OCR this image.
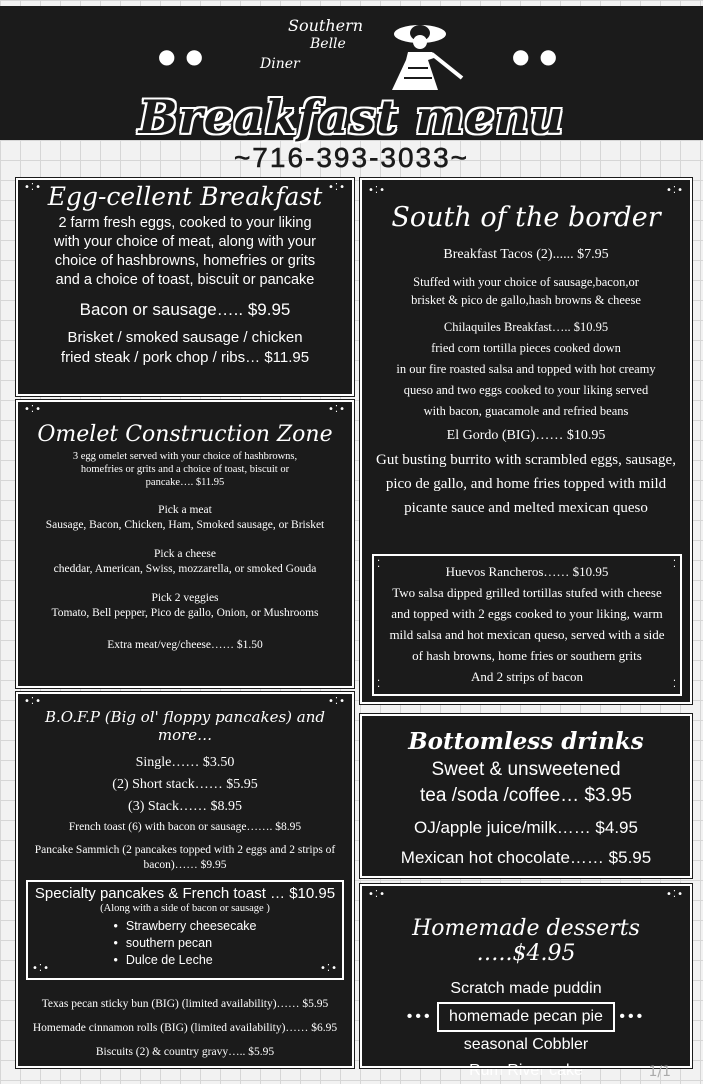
●●	●●
Southern
Belle
Diner
Breakfast menu
~716-393-3033~
•⁚•	•⁚•
Egg-cellent Breakfast
2 farm fresh eggs, cooked to your liking
with your choice of meat, along with your
choice of hashbrowns, homefries or grits
and a choice of toast, biscuit or pancake
Bacon or sausage….. $9.95
Brisket / smoked sausage / chicken
fried steak / pork chop / ribs… $11.95
•⁚•	•⁚•
Omelet Construction Zone
3 egg omelet served with your choice of hashbrowns,
homefries or grits and a choice of toast, biscuit or
pancake…. $11.95
Pick a meat
Sausage, Bacon, Chicken, Ham, Smoked sausage, or Brisket
Pick a cheese
cheddar, American, Swiss, mozzarella, or smoked Gouda
Pick 2 veggies
Tomato, Bell pepper, Pico de gallo, Onion, or Mushrooms
Extra meat/veg/cheese…… $1.50
•⁚•	•⁚•
B.O.F.P (Big ol' floppy pancakes) and more…
Single…… $3.50
(2) Short stack…… $5.95
(3) Stack…… $8.95
French toast (6) with bacon or sausage……. $8.95
Pancake Sammich (2 pancakes topped with 2 eggs and 2 strips of
bacon)…… $9.95
•⁚•	•⁚•
Specialty pancakes & French toast … $10.95
(Along with a side of bacon or sausage )
• Strawberry cheesecake
• southern pecan
• Dulce de Leche
Texas pecan sticky bun (BIG) (limited availability)…… $5.95
Homemade cinnamon rolls (BIG) (limited availability)…… $6.95
Biscuits (2) & country gravy….. $5.95
•⁚•	•⁚•
South of the border
Breakfast Tacos (2)...... $7.95
Stuffed with your choice of sausage,bacon,or
brisket & pico de gallo,hash browns & cheese
Chilaquiles Breakfast….. $10.95
fried corn tortilla pieces cooked down
in our fire roasted salsa and topped with hot creamy
queso and two eggs cooked to your liking served
with bacon, guacamole and refried beans
El Gordo (BIG)…… $10.95
Gut busting burrito with scrambled eggs, sausage,
pico de gallo, and home fries topped with mild
picante sauce and melted mexican queso
⁚	⁚
⁚	⁚
Huevos Rancheros…… $10.95
Two salsa dipped grilled tortillas stufed with cheese
and topped with 2 eggs cooked to your liking, warm
mild salsa and hot mexican queso, served with a side
of hash browns, home fries or southern grits
And 2 strips of bacon
Bottomless drinks
Sweet & unsweetened
tea /soda /coffee… $3.95
OJ/apple juice/milk…… $4.95
Mexican hot chocolate…… $5.95
•⁚•	•⁚•
Homemade desserts …..$4.95
Scratch made puddin
••• homemade pecan pie •••
seasonal Cobbler
Rum River cake	1/1
